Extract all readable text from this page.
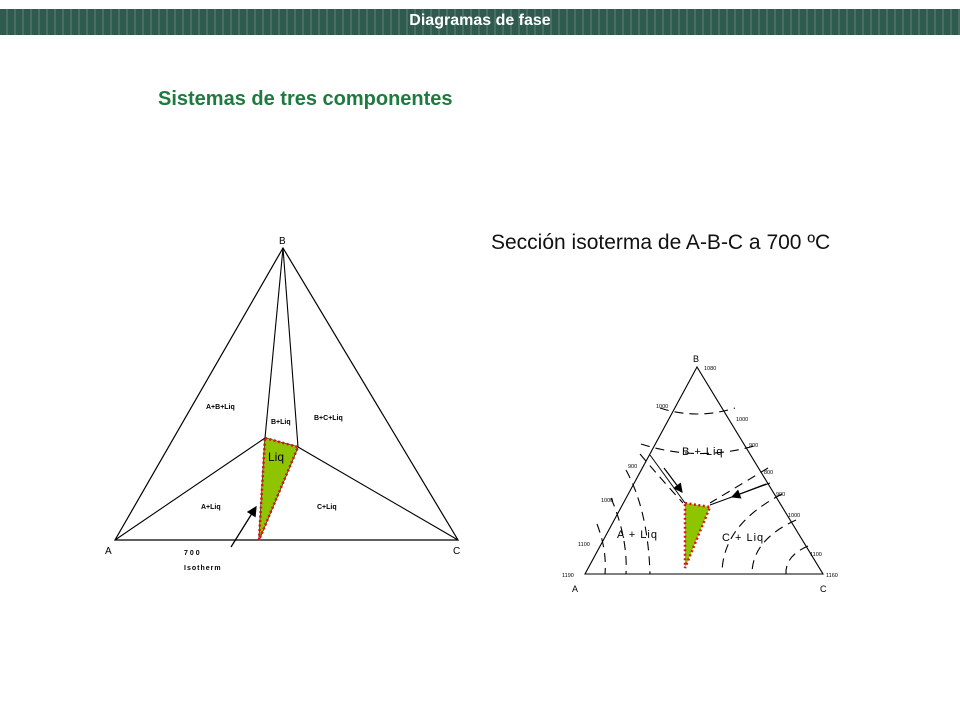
Diagramas de fase
Sistemas de tres componentes
Sección isoterma de A-B-C a 700 ºC
B
A	C
A+B+Liq
B+Liq
B+C+Liq
Liq
A+Liq	C+Liq
700
Isotherm
B
A	C
1080
1190	1160
1000
900
1000
1100
1000
900
800
900
1000
1100
B + Liq
A + Liq	C + Liq
